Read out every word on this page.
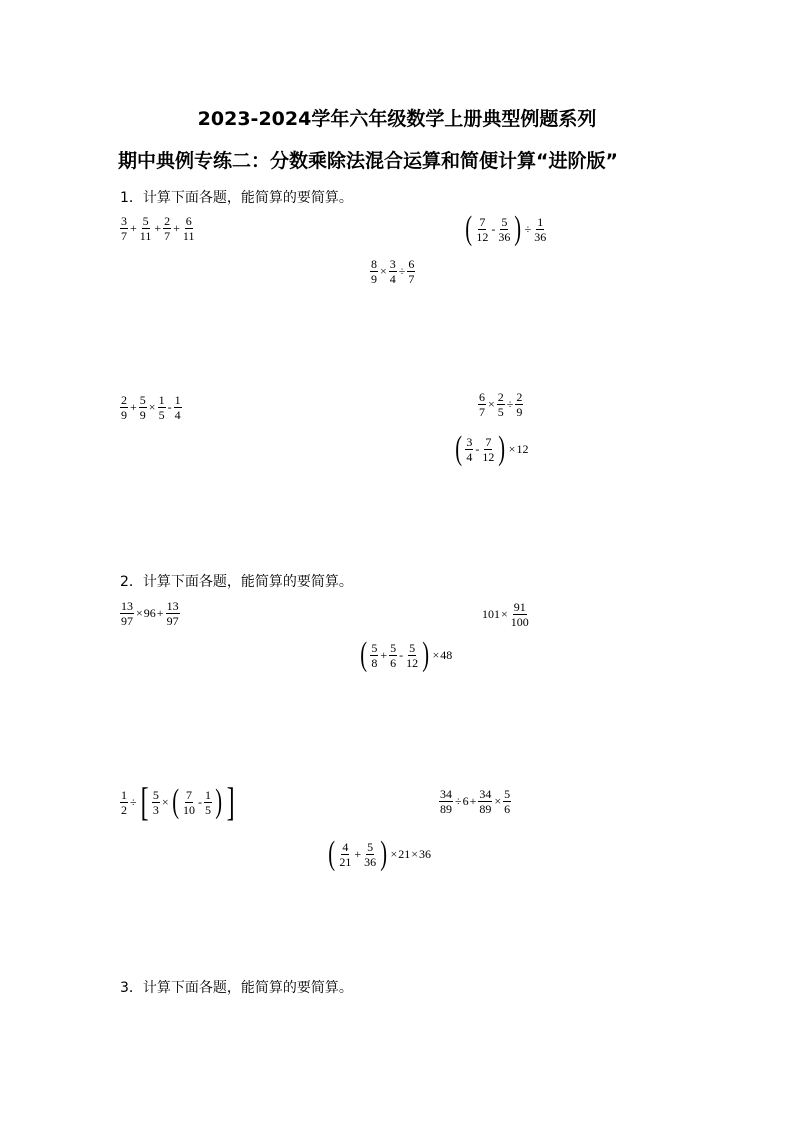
2023-2024学年六年级数学上册典型例题系列
期中典例专练二：分数乘除法混合运算和简便计算“进阶版”
1．计算下面各题，能简算的要简算。
$\frac{3}{7} + \frac{5}{11} + \frac{2}{7} + \frac{6}{11}$	( $\frac{7}{12} - \frac{5}{36}$ ) ÷ $\frac{1}{36}$
$\frac{8}{9} \times \frac{3}{4} \div \frac{6}{7}$
$\frac{2}{9} + \frac{5}{9} \times \frac{1}{5} - \frac{1}{4}$	$\frac{6}{7} \times \frac{2}{5} \div \frac{2}{9}$
( $\frac{3}{4} - \frac{7}{12}$ ) × 12
2．计算下面各题，能简算的要简算。
$\frac{13}{97} \times 96 + \frac{13}{97}$	$101 \times \frac{91}{100}$
( $\frac{5}{8} + \frac{5}{6} - \frac{5}{12}$ ) × 48
$\frac{1}{2}$ ÷ [ $\frac{5}{3}$ × ( $\frac{7}{10} - \frac{1}{5}$ ) ]	$\frac{34}{89} \div 6 + \frac{34}{89} \times \frac{5}{6}$
( $\frac{4}{21} + \frac{5}{36}$ ) × 21 × 36
3．计算下面各题，能简算的要简算。
